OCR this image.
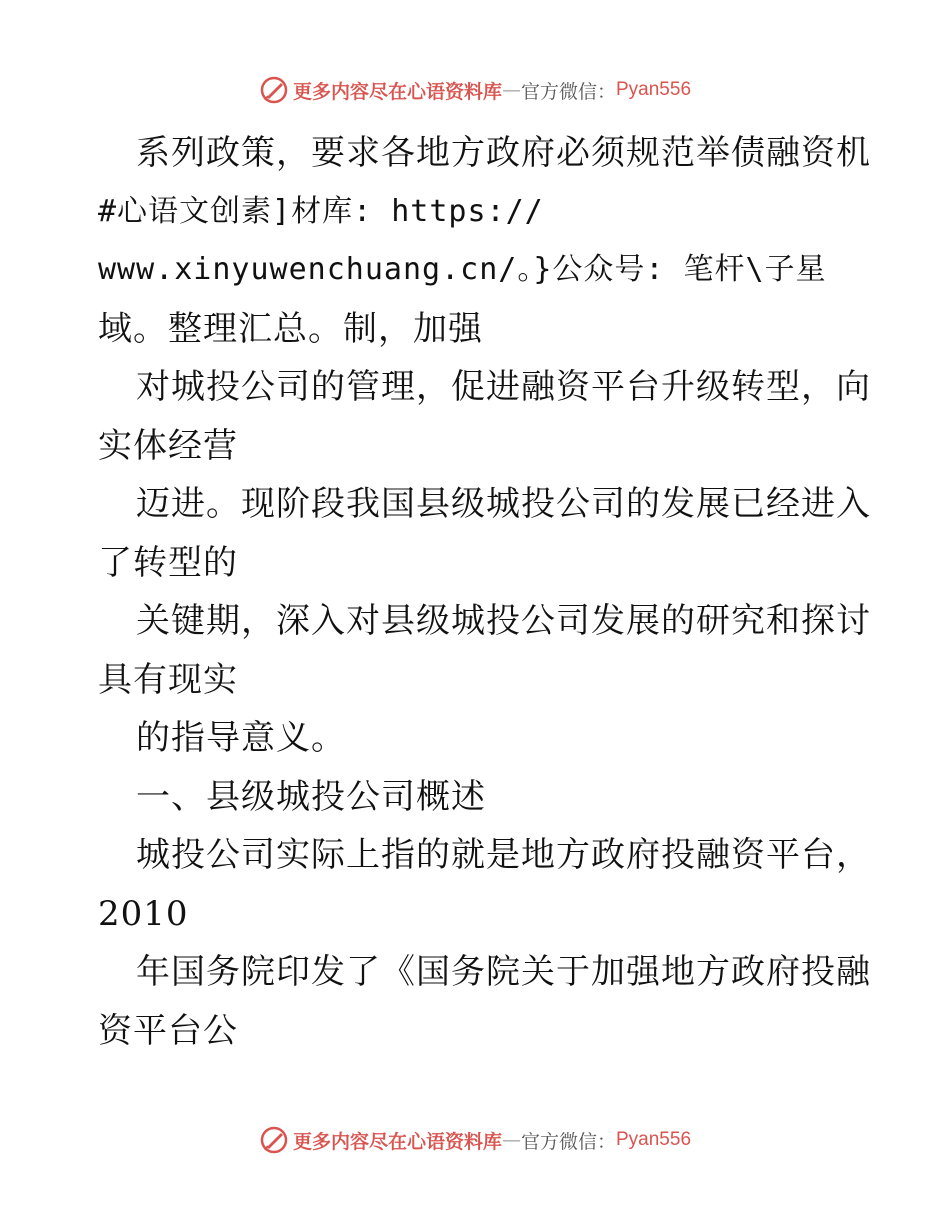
更多内容尽在心语资料库 — 官方微信： Pyan556
系列政策，要求各地方政府必须规范举债融资机
#心语文创素]材库: https://
www.xinyuwenchuang.cn/。}公众号: 笔杆\子星
域。整理汇总。制，加强
对城投公司的管理，促进融资平台升级转型，向
实体经营
迈进。现阶段我国县级城投公司的发展已经进入
了转型的
关键期，深入对县级城投公司发展的研究和探讨
具有现实
的指导意义。
一、县级城投公司概述
城投公司实际上指的就是地方政府投融资平台，
2010
年国务院印发了《国务院关于加强地方政府投融
资平台公
更多内容尽在心语资料库 — 官方微信： Pyan556
